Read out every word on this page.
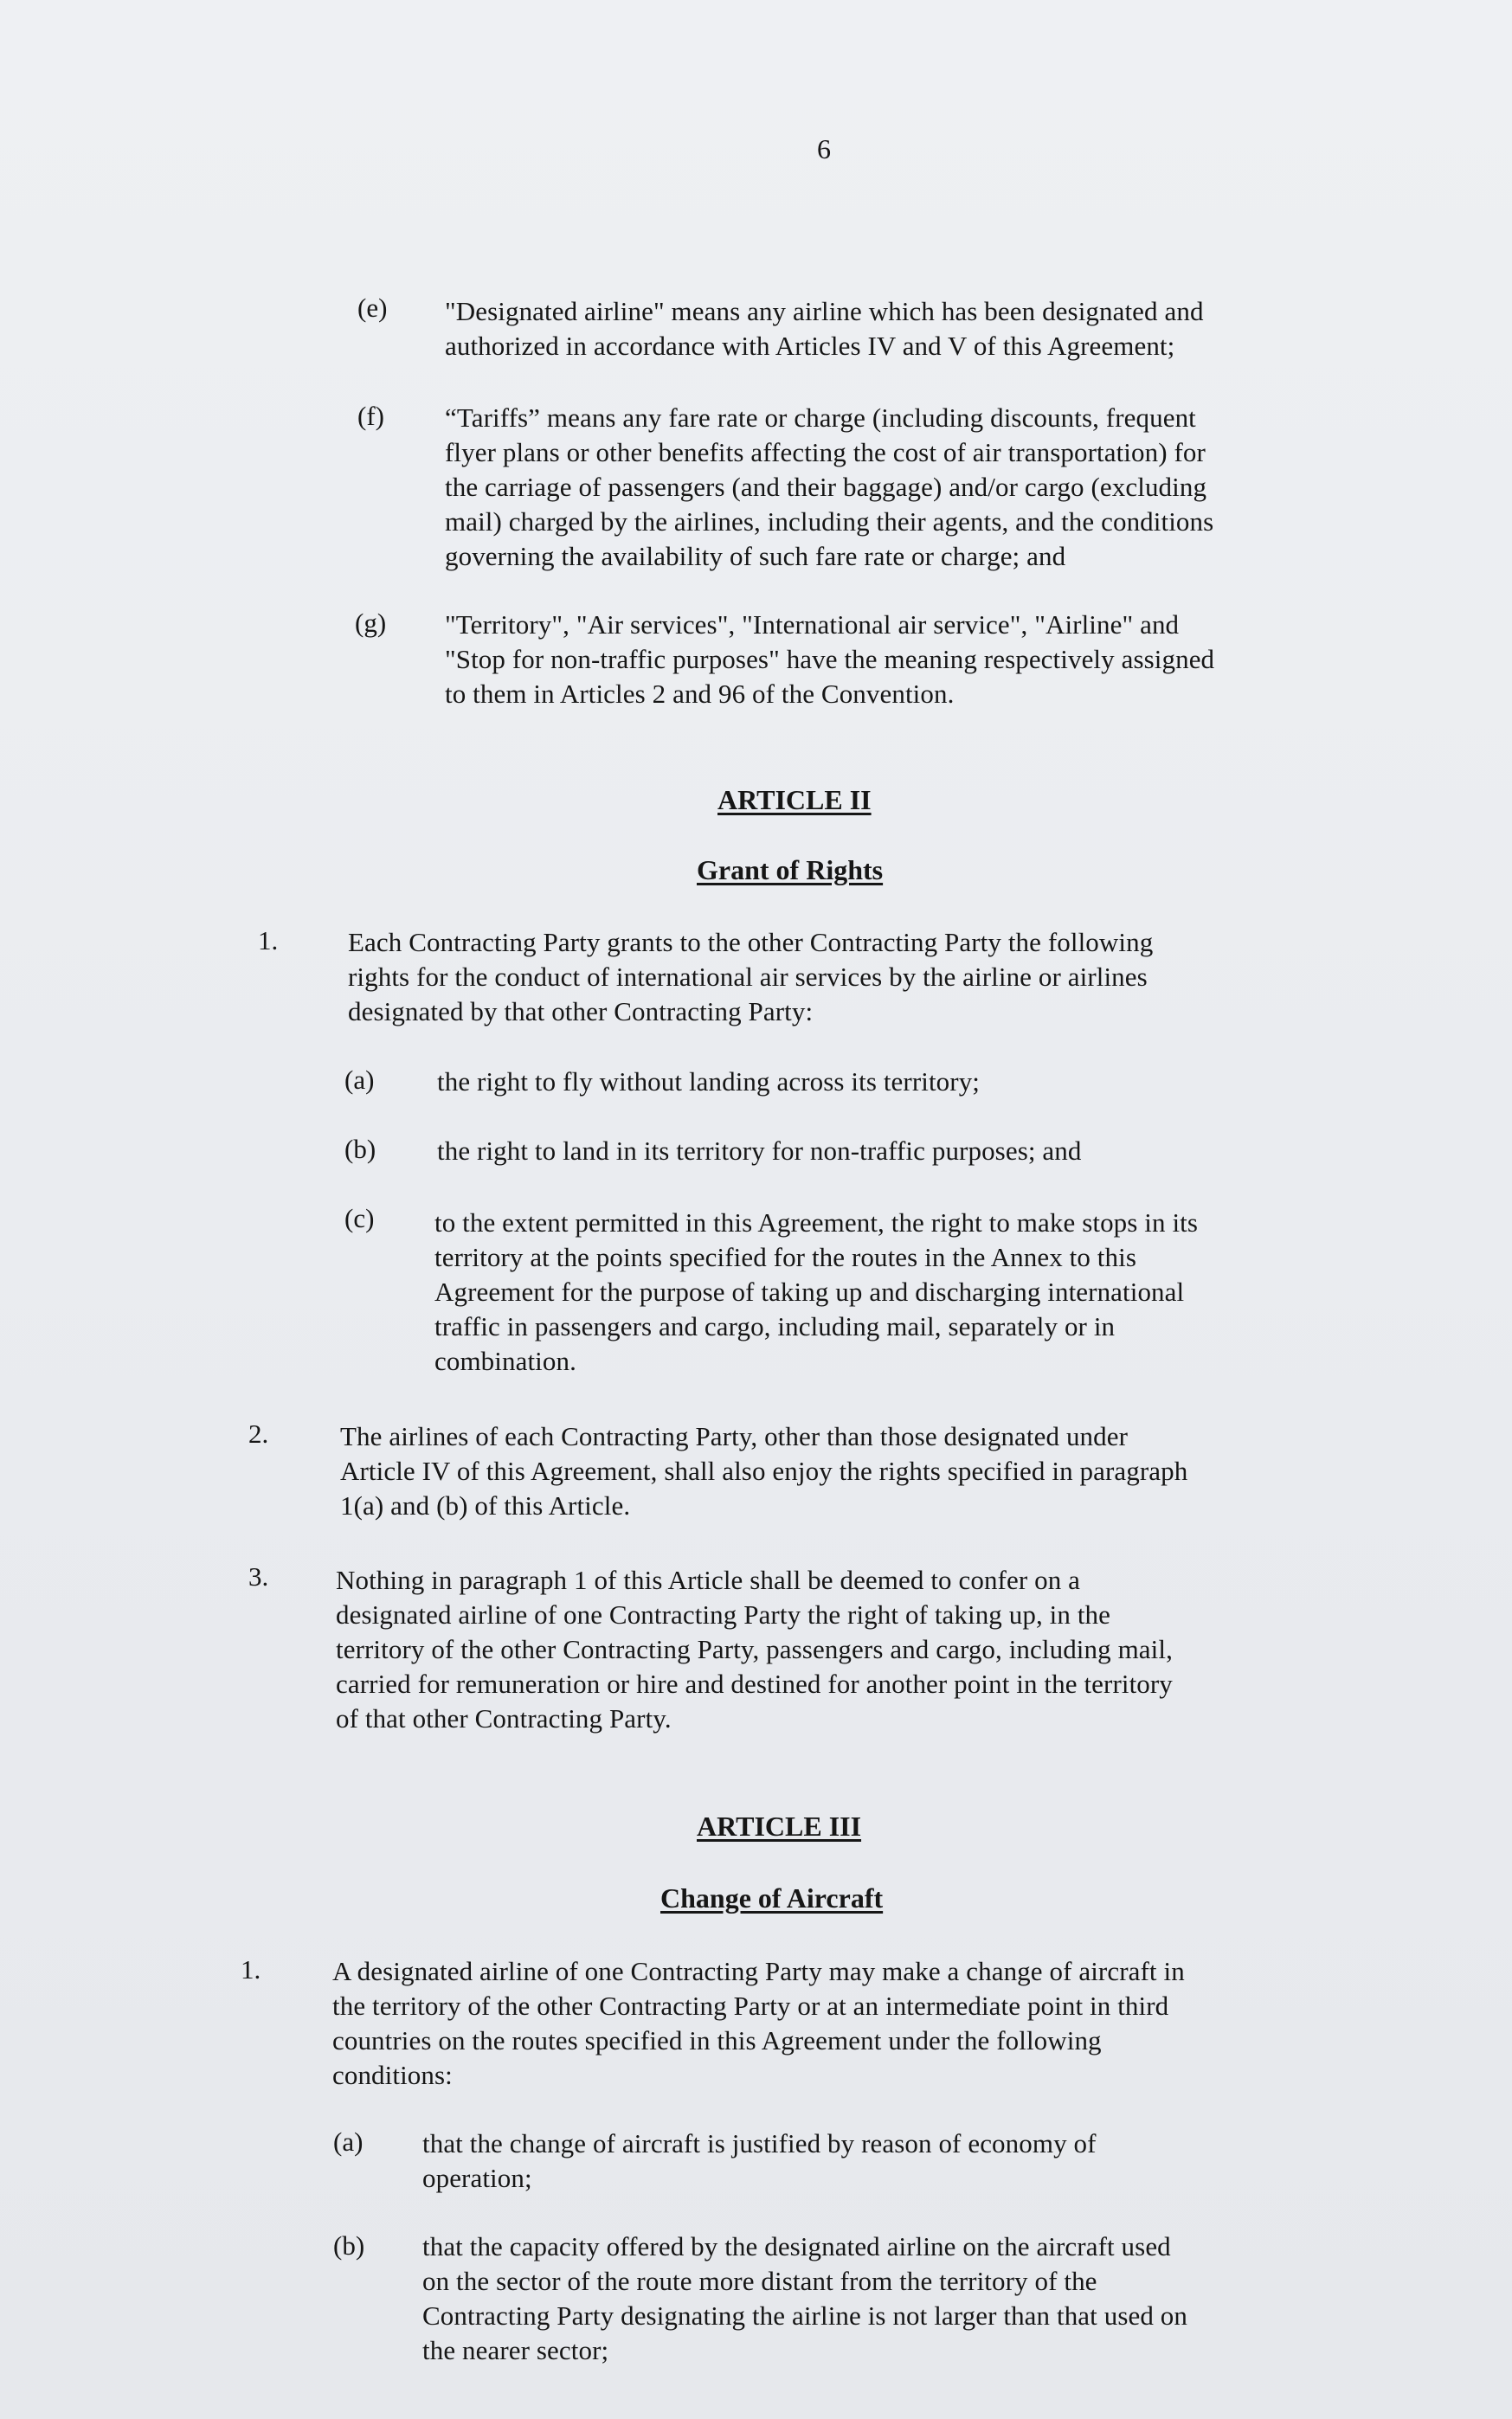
6
(e) "Designated airline" means any airline which has been designated and
authorized in accordance with Articles IV and V of this Agreement;
(f) “Tariffs” means any fare rate or charge (including discounts, frequent
flyer plans or other benefits affecting the cost of air transportation) for
the carriage of passengers (and their baggage) and/or cargo (excluding
mail) charged by the airlines, including their agents, and the conditions
governing the availability of such fare rate or charge; and
(g) "Territory", "Air services", "International air service", "Airline" and
"Stop for non-traffic purposes" have the meaning respectively assigned
to them in Articles 2 and 96 of the Convention.
ARTICLE II
Grant of Rights
1.	Each Contracting Party grants to the other Contracting Party the following
rights for the conduct of international air services by the airline or airlines
designated by that other Contracting Party:
(a) the right to fly without landing across its territory;
(b) the right to land in its territory for non-traffic purposes; and
(c) to the extent permitted in this Agreement, the right to make stops in its
territory at the points specified for the routes in the Annex to this
Agreement for the purpose of taking up and discharging international
traffic in passengers and cargo, including mail, separately or in
combination.
2.	The airlines of each Contracting Party, other than those designated under
Article IV of this Agreement, shall also enjoy the rights specified in paragraph
1(a) and (b) of this Article.
3.	Nothing in paragraph 1 of this Article shall be deemed to confer on a
designated airline of one Contracting Party the right of taking up, in the
territory of the other Contracting Party, passengers and cargo, including mail,
carried for remuneration or hire and destined for another point in the territory
of that other Contracting Party.
ARTICLE III
Change of Aircraft
1.	A designated airline of one Contracting Party may make a change of aircraft in
the territory of the other Contracting Party or at an intermediate point in third
countries on the routes specified in this Agreement under the following
conditions:
(a) that the change of aircraft is justified by reason of economy of
operation;
(b) that the capacity offered by the designated airline on the aircraft used
on the sector of the route more distant from the territory of the
Contracting Party designating the airline is not larger than that used on
the nearer sector;
